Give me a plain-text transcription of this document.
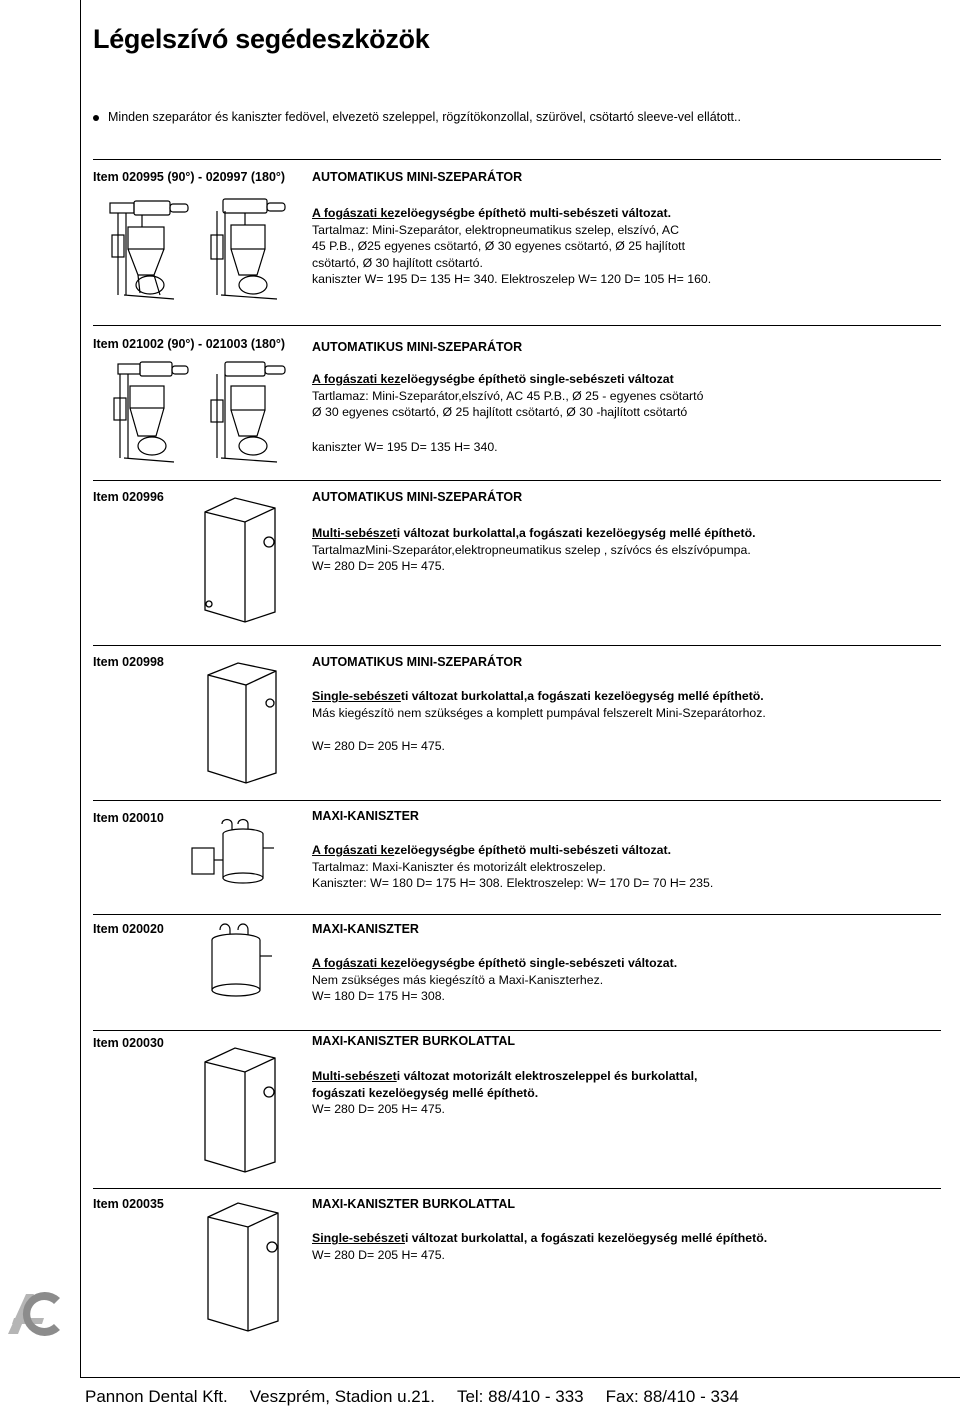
Légelszívó segédeszközök
Minden szeparátor és kaniszter fedövel, elvezetö szeleppel, rögzítökonzollal, szürövel, csötartó sleeve-vel ellátott..
Item 020995 (90°) - 020997 (180°) AUTOMATIKUS MINI-SZEPARÁTOR
A fogászati kezelöegységbe építhetö multi-sebészeti változat.
Tartalmaz: Mini-Szeparátor, elektropneumatikus szelep, elszívó, AC
45 P.B., Ø25 egyenes csötartó, Ø 30 egyenes csötartó, Ø 25 hajlított
csötartó, Ø 30 hajlított csötartó.
kaniszter W= 195 D= 135 H= 340. Elektroszelep W= 120 D= 105 H= 160.
Item 021002 (90°) - 021003 (180°) AUTOMATIKUS MINI-SZEPARÁTOR
A fogászati kezelöegységbe építhetö single-sebészeti változat
Tartlamaz: Mini-Szeparátor,elszívó, AC 45 P.B., Ø 25 - egyenes csötartó
Ø 30 egyenes csötartó, Ø 25 hajlított csötartó, Ø 30 -hajlított csötartó
kaniszter W= 195 D= 135 H= 340.
Item 020996	AUTOMATIKUS MINI-SZEPARÁTOR
Multi-sebészeti változat burkolattal,a fogászati kezelöegység mellé építhetö.
TartalmazMini-Szeparátor,elektropneumatikus szelep , szívócs és elszívópumpa.
W= 280 D= 205 H= 475.
Item 020998	AUTOMATIKUS MINI-SZEPARÁTOR
Single-sebészeti változat burkolattal,a fogászati kezelöegység mellé építhetö.
Más kiegészítö nem szükséges a komplett pumpával felszerelt Mini-Szeparátorhoz.
W= 280 D= 205 H= 475.
Item 020010	MAXI-KANISZTER
A fogászati kezelöegységbe építhetö multi-sebészeti változat.
Tartalmaz: Maxi-Kaniszter és motorizált elektroszelep.
Kaniszter: W= 180 D= 175 H= 308. Elektroszelep: W= 170 D= 70 H= 235.
Item 020020	MAXI-KANISZTER
A fogászati kezelöegységbe építhetö single-sebészeti változat.
Nem zsükséges más kiegészítö a Maxi-Kaniszterhez.
W= 180 D= 175 H= 308.
Item 020030	MAXI-KANISZTER BURKOLATTAL
Multi-sebészeti változat motorizált elektroszeleppel és burkolattal,
fogászati kezelöegység mellé építhetö.
W= 280 D= 205 H= 475.
Item 020035	MAXI-KANISZTER BURKOLATTAL
Single-sebészeti változat burkolattal, a fogászati kezelöegység mellé építhetö.
W= 280 D= 205 H= 475.
Pannon Dental Kft. Veszprém, Stadion u.21. Tel: 88/410 - 333 Fax: 88/410 - 334
